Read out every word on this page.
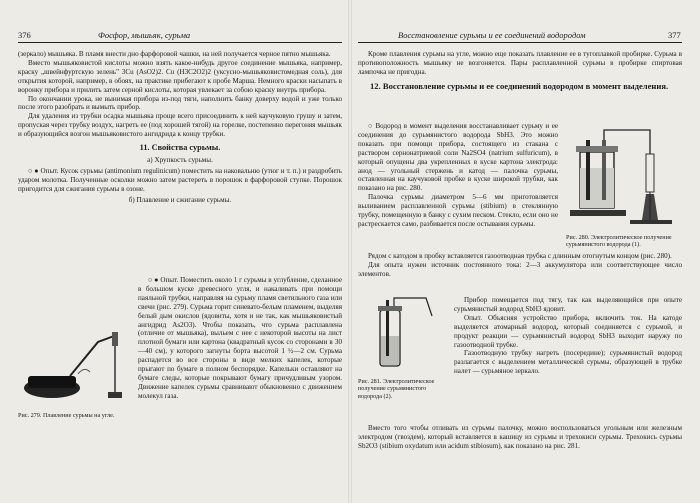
376	Фосфор, мышьяк, сурьма

(зеркало) мышьяка. В пламя внести дно фарфоровой чашки, на ней получается черное пятно мышьяка.

Вместо мышьяковистой кислоты можно взять какое-нибудь другое соединение мышьяка, например, краску „швейнфуртскую зелень" 3Cu (AsO2)2. Cu (H3C2O2)2 (уксусно-мышьяковистомедная соль), для открытия которой, например, в обоях, на практике прибегают к пробе Марша. Немного краски насыпать в воронку прибора и прилить затем серной кислоты, которая увлекает за собою краску внутрь прибора.

По окончании урока, не вынимая прибора из-под тяги, наполнить банку доверху водой и уже только после этого разобрать и вымыть прибор.

Для удаления из трубки осадка мышьяка проще всего присоединить к ней каучуковую грушу и затем, пропуская через трубку воздух, нагреть ее (под хорошей тягой) на горелке, постепенно перегоняя мышьяк и образующийся возгон мышьяковистого ангидрида к концу трубки.

11. Свойства сурьмы.
а) Хрупкость сурьмы.

○ ● Опыт. Кусок сурьмы (antimonium regulinicum) поместить на наковальню (утюг и т. п.) и раздробить ударом молотка. Полученные осколки можно затем растереть в порошок в фарфоровой ступке. Порошок пригодится для сжигания сурьмы в озоне.

б) Плавление и сжигание сурьмы.

○ ● Опыт. Поместить около 1 г сурьмы в углубление, сделанное в большом куске древесного угля, и накаливать при помощи паяльной трубки, направляя на сурьму пламя светильного газа или свечи (рис. 279). Сурьма горит синевато-белым пламенем, выделяя белый дым окислов (ядовиты, хотя и не так, как мышьяковистый ангидрид As2O3). Чтобы показать, что сурьма расплавлена (отличие от мышьяка), выльем с нее с некоторой высоты на лист плотной бумаги или картона (квадратный кусок со сторонами в 30—40 см), у которого загнуты борта высотой 1 ½—2 см. Сурьма распадется во все стороны в виде мелких капелек, которые прыгают по бумаге в полном беспорядке. Капельки оставляют на бумаге следы, которые покрывают бумагу причудливым узором. Движение капелек сурьмы сравнивают обыкновенно с движением молекул газа.

Рис. 279. Плавление сурьмы на угле.
Восстановление сурьмы и ее соединений водородом	377

Кроме плавления сурьмы на угле, можно еще показать плавление ее в тугоплавкой пробирке. Сурьма в противоположность мышьяку не возгоняется. Пары расплавленной сурьмы в пробирке спиртовая лампочка не пригодна.

12. Восстановление сурьмы и ее соединений водородом в момент выделения.

○ Водород в момент выделения восстанавливает сурьму и ее соединения до сурьмянистого водорода SbH3. Это можно показать при помощи прибора, состоящего из стакана с раствором сернонатриевой соли Na2SO4 (natrium sulfuricum), в который опущены два укрепленных в куске картона электрода: анод — угольный стержень и катод — палочка сурьмы, оставленная на каучуковой пробке в куске широкой трубки, как показано на рис. 280.

Палочка сурьмы диаметром 5—6 мм приготовляется выливанием расплавленной сурьмы (stibium) в стеклянную трубку, помещенную в банку с сухим песком. Стекло, если оно не растрескается само, разбивается после остывания сурьмы.

Рис. 280. Электролитическое получение сурьмянистого водорода (1).

Рядом с катодом в пробку вставляется газоотводная трубка с длинным отогнутым концом (рис. 280).

Для опыта нужен источник постоянного тока: 2—3 аккумулятора или соответствующее число элементов.

Рис. 281. Электролитическое получение сурьмянистого водорода (2).

Прибор помещается под тягу, так как выделяющийся при опыте сурьмянистый водород SbH3 ядовит.

Опыт. Объясняя устройство прибора, включить ток. На катоде выделяется атомарный водород, который соединяется с сурьмой, и продукт реакции — сурьмянистый водород SbH3 выходит наружу по газоотводной трубке.

Газоотводную трубку нагреть (посередине); сурьмянистый водород разлагается с выделением металлической сурьмы, образующей в трубке налет — сурьмяное зеркало.

Вместо того чтобы отливать из сурьмы палочку, можно воспользоваться угольным или железным электродом (гвоздем), который вставляется в кашицу из сурьмы и трехокиси сурьмы. Трехокись сурьмы Sb2O3 (stibium oxydatum или acidum stibiosum), как показано на рис. 281.
